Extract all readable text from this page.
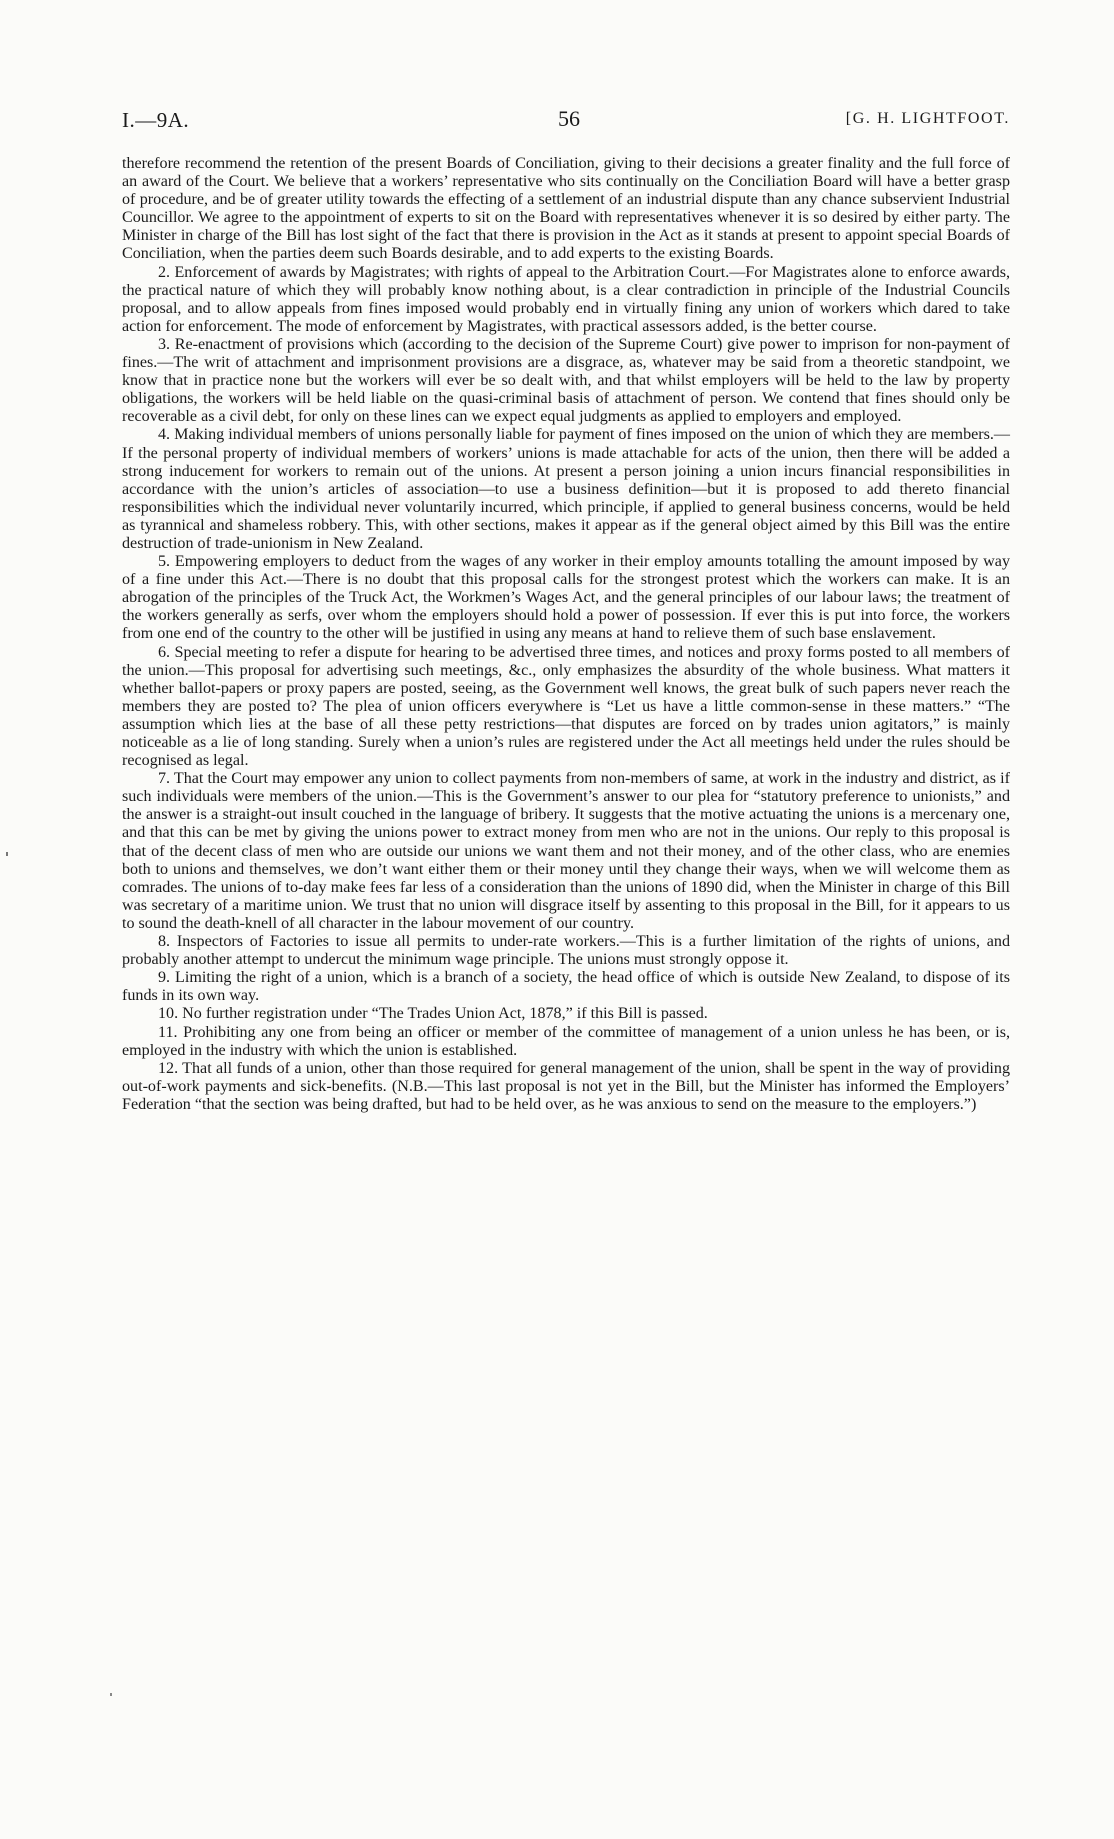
I.—9A.	56	[G. H. LIGHTFOOT.

therefore recommend the retention of the present Boards of Conciliation, giving to their decisions a greater finality and the full force of an award of the Court. We believe that a workers’ representative who sits continually on the Conciliation Board will have a better grasp of procedure, and be of greater utility towards the effecting of a settlement of an industrial dispute than any chance subservient Industrial Councillor. We agree to the appointment of experts to sit on the Board with representatives whenever it is so desired by either party. The Minister in charge of the Bill has lost sight of the fact that there is provision in the Act as it stands at present to appoint special Boards of Conciliation, when the parties deem such Boards desirable, and to add experts to the existing Boards.

2. Enforcement of awards by Magistrates; with rights of appeal to the Arbitration Court.—For Magistrates alone to enforce awards, the practical nature of which they will probably know nothing about, is a clear contradiction in principle of the Industrial Councils proposal, and to allow appeals from fines imposed would probably end in virtually fining any union of workers which dared to take action for enforcement. The mode of enforcement by Magistrates, with practical assessors added, is the better course.

3. Re-enactment of provisions which (according to the decision of the Supreme Court) give power to imprison for non-payment of fines.—The writ of attachment and imprisonment provisions are a disgrace, as, whatever may be said from a theoretic standpoint, we know that in practice none but the workers will ever be so dealt with, and that whilst employers will be held to the law by property obligations, the workers will be held liable on the quasi-criminal basis of attachment of person. We contend that fines should only be recoverable as a civil debt, for only on these lines can we expect equal judgments as applied to employers and employed.

4. Making individual members of unions personally liable for payment of fines imposed on the union of which they are members.—If the personal property of individual members of workers’ unions is made attachable for acts of the union, then there will be added a strong inducement for workers to remain out of the unions. At present a person joining a union incurs financial responsibilities in accordance with the union’s articles of association—to use a business definition—but it is proposed to add thereto financial responsibilities which the individual never voluntarily incurred, which principle, if applied to general business concerns, would be held as tyrannical and shameless robbery. This, with other sections, makes it appear as if the general object aimed by this Bill was the entire destruction of trade-unionism in New Zealand.

5. Empowering employers to deduct from the wages of any worker in their employ amounts totalling the amount imposed by way of a fine under this Act.—There is no doubt that this proposal calls for the strongest protest which the workers can make. It is an abrogation of the principles of the Truck Act, the Workmen’s Wages Act, and the general principles of our labour laws; the treatment of the workers generally as serfs, over whom the employers should hold a power of possession. If ever this is put into force, the workers from one end of the country to the other will be justified in using any means at hand to relieve them of such base enslavement.

6. Special meeting to refer a dispute for hearing to be advertised three times, and notices and proxy forms posted to all members of the union.—This proposal for advertising such meetings, &c., only emphasizes the absurdity of the whole business. What matters it whether ballot-papers or proxy papers are posted, seeing, as the Government well knows, the great bulk of such papers never reach the members they are posted to? The plea of union officers everywhere is “Let us have a little common-sense in these matters.” “The assumption which lies at the base of all these petty restrictions—that disputes are forced on by trades union agitators,” is mainly noticeable as a lie of long standing. Surely when a union’s rules are registered under the Act all meetings held under the rules should be recognised as legal.

7. That the Court may empower any union to collect payments from non-members of same, at work in the industry and district, as if such individuals were members of the union.—This is the Government’s answer to our plea for “statutory preference to unionists,” and the answer is a straight-out insult couched in the language of bribery. It suggests that the motive actuating the unions is a mercenary one, and that this can be met by giving the unions power to extract money from men who are not in the unions. Our reply to this proposal is that of the decent class of men who are outside our unions we want them and not their money, and of the other class, who are enemies both to unions and themselves, we don’t want either them or their money until they change their ways, when we will welcome them as comrades. The unions of to-day make fees far less of a consideration than the unions of 1890 did, when the Minister in charge of this Bill was secretary of a maritime union. We trust that no union will disgrace itself by assenting to this proposal in the Bill, for it appears to us to sound the death-knell of all character in the labour movement of our country.

8. Inspectors of Factories to issue all permits to under-rate workers.—This is a further limitation of the rights of unions, and probably another attempt to undercut the minimum wage principle. The unions must strongly oppose it.

9. Limiting the right of a union, which is a branch of a society, the head office of which is outside New Zealand, to dispose of its funds in its own way.

10. No further registration under “The Trades Union Act, 1878,” if this Bill is passed.

11. Prohibiting any one from being an officer or member of the committee of management of a union unless he has been, or is, employed in the industry with which the union is established.

12. That all funds of a union, other than those required for general management of the union, shall be spent in the way of providing out-of-work payments and sick-benefits. (N.B.—This last proposal is not yet in the Bill, but the Minister has informed the Employers’ Federation “that the section was being drafted, but had to be held over, as he was anxious to send on the measure to the employers.”)
